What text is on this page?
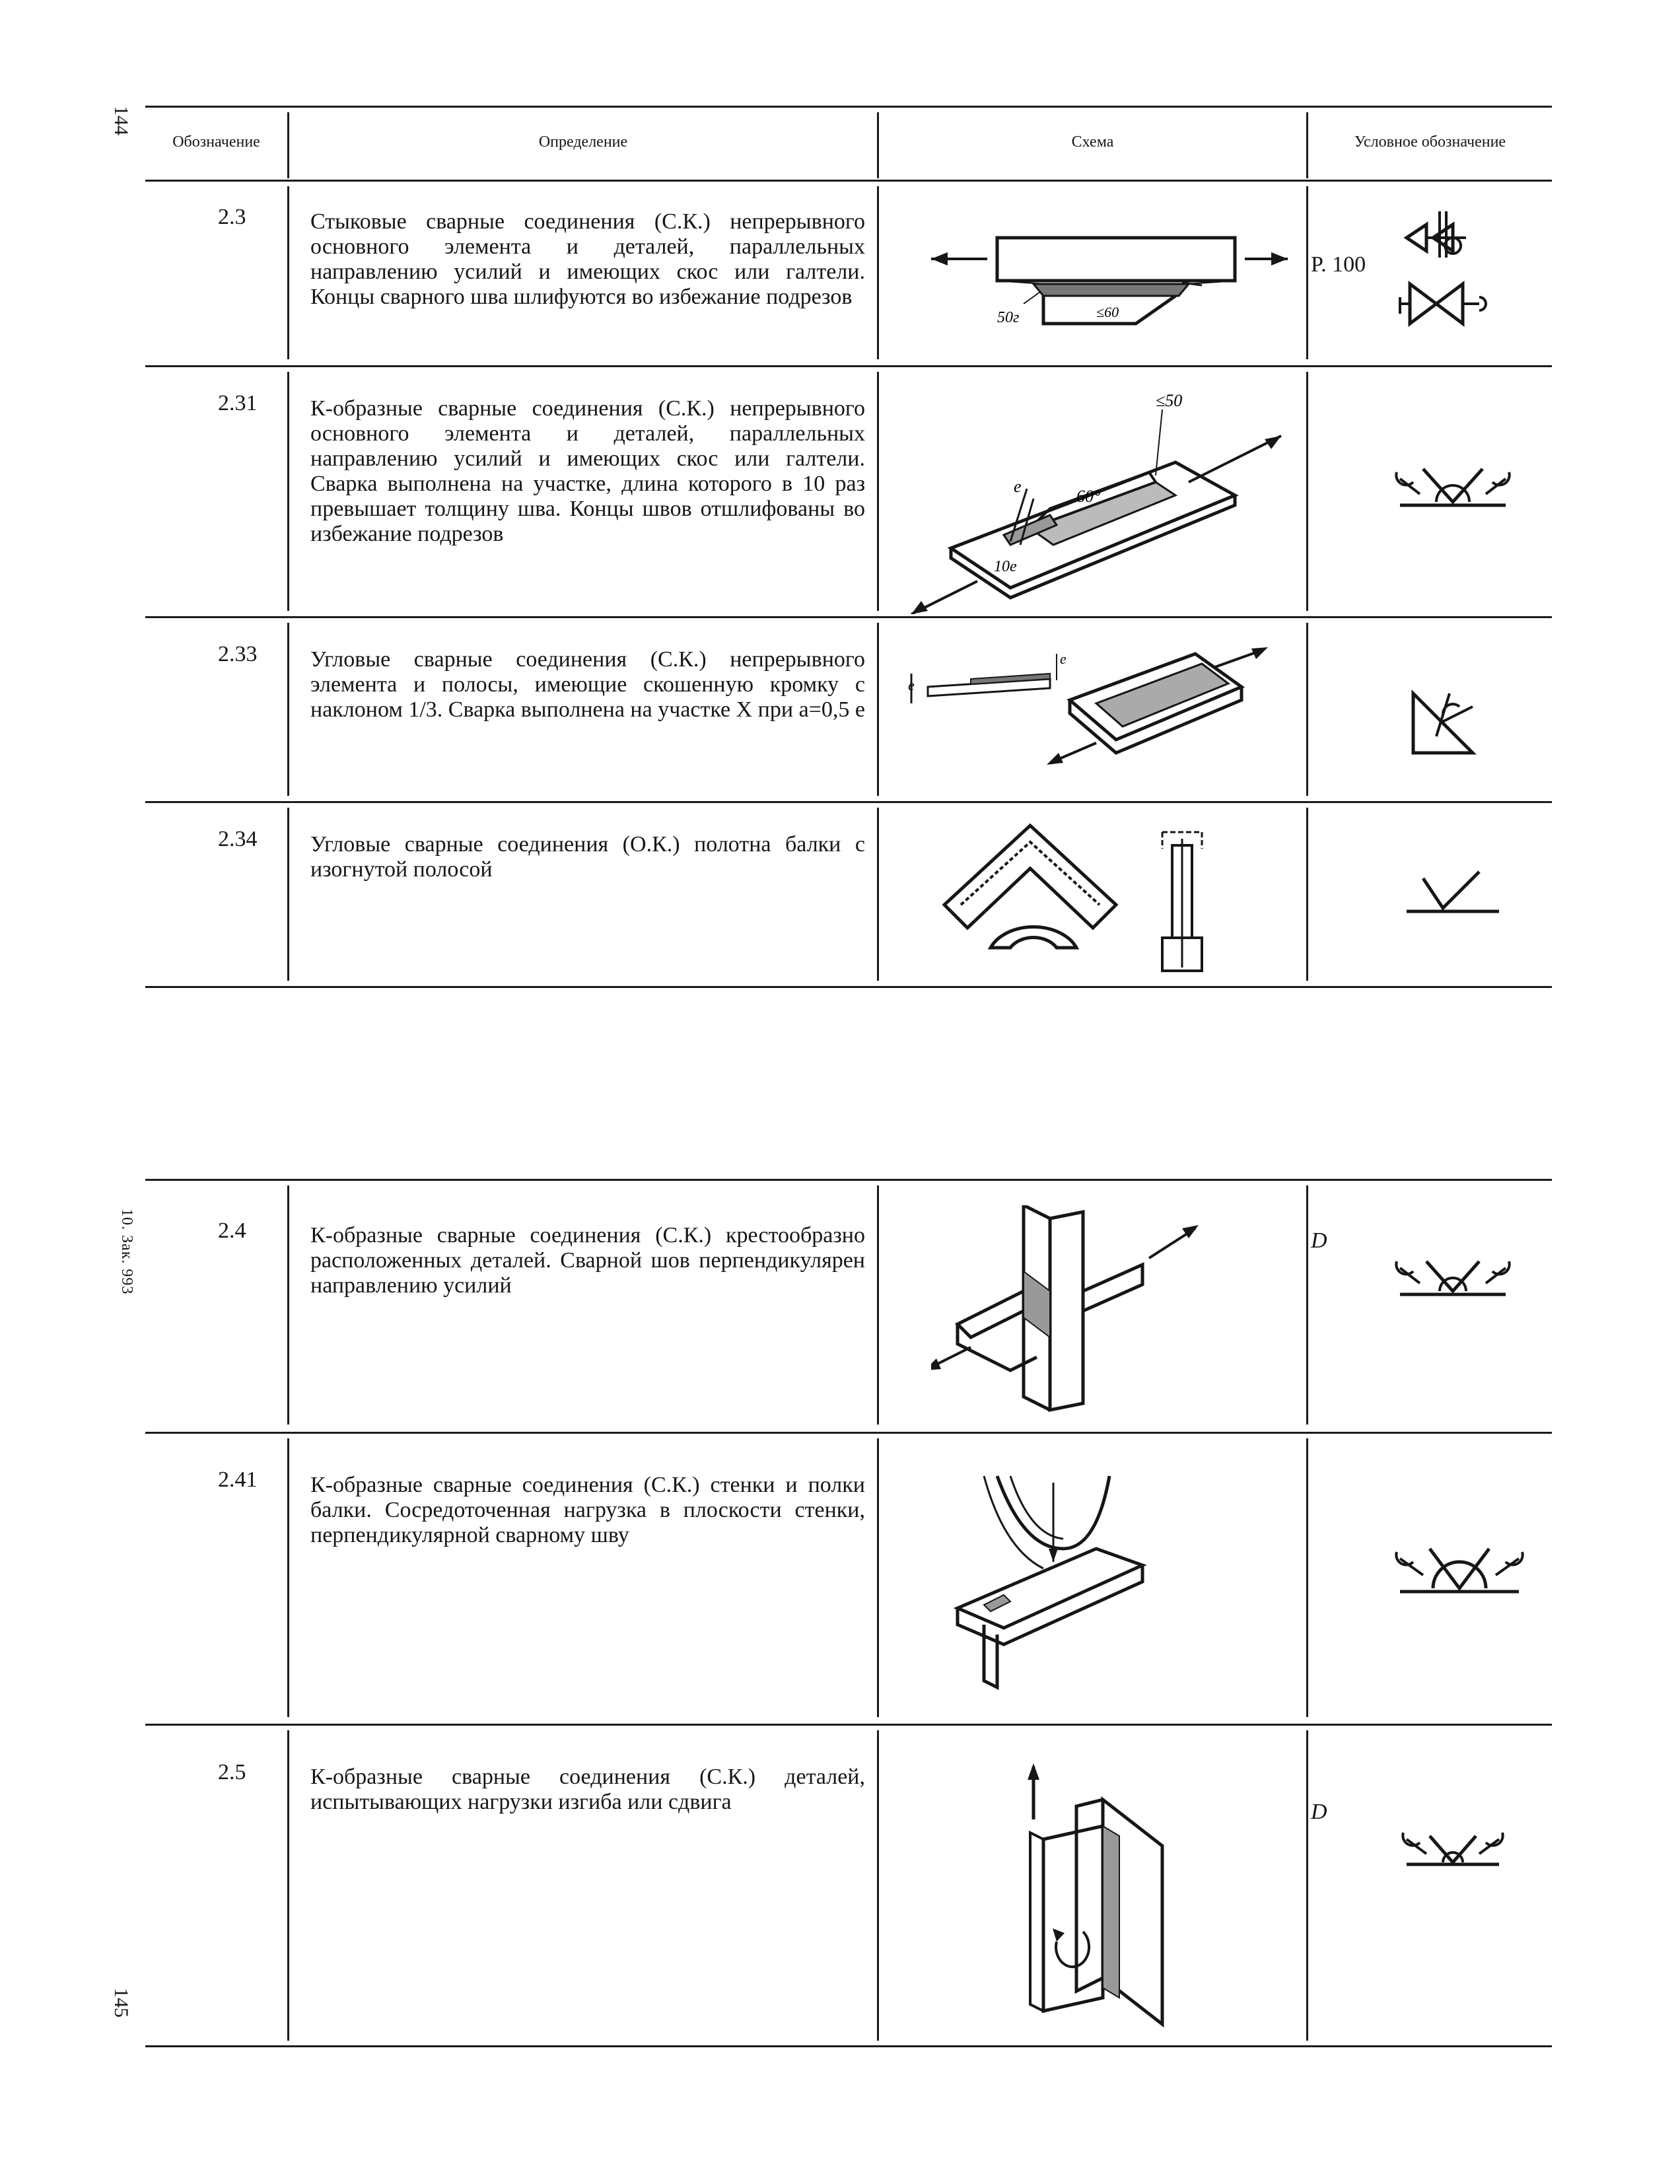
144
10. Зак. 993
145
Обозначение	Определение	Схема	Условное обозначение
2.3	Стыковые сварные соединения (С.К.) непрерывного основного элемента и деталей, параллельных направлению усилий и имеющих скос или галтели. Концы сварного шва шлифуются во избежание подрезов
50г	≤60
P. 100
2.31 К-образные сварные соединения (С.К.) непрерывного основного элемента и деталей, параллельных направлению усилий и имеющих скос или галтели. Сварка выполнена на участке, длина которого в 10 раз превышает толщину шва. Концы швов отшлифованы во избежание подрезов
≤50
60°
e
10e
2.33 Угловые сварные соединения (С.К.) непрерывного элемента и полосы, имеющие скошенную кромку с наклоном 1/3. Сварка выполнена на участке X при a=0,5 e
e
e
2.34 Угловые сварные соединения (О.К.) полотна балки с изогнутой полосой
2.4	К-образные сварные соединения (С.К.) крестообразно расположенных деталей. Сварной шов перпендикулярен направлению усилий
D
2.41 К-образные сварные соединения (С.К.) стенки и полки балки. Сосредоточенная нагрузка в плоскости стенки, перпендикулярной сварному шву
2.5	К-образные сварные соединения (С.К.) деталей, испытывающих нагрузки изгиба или сдвига	D
